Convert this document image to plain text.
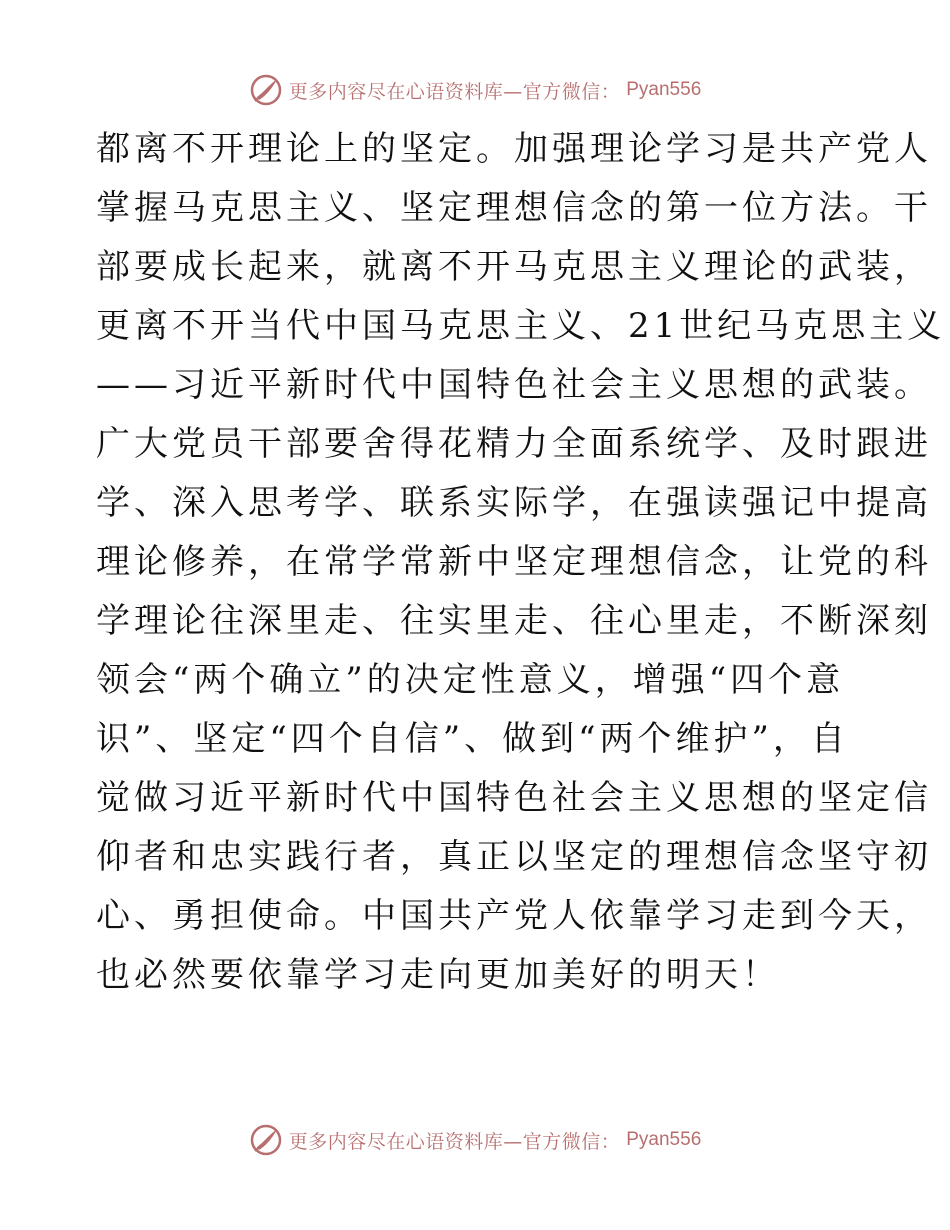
更多内容尽在心语资料库—官方微信： Pyan556
都离不开理论上的坚定。加强理论学习是共产党人
掌握马克思主义、坚定理想信念的第一位方法。干
部要成长起来，就离不开马克思主义理论的武装，
更离不开当代中国马克思主义、21世纪马克思主义
——习近平新时代中国特色社会主义思想的武装。
广大党员干部要舍得花精力全面系统学、及时跟进
学、深入思考学、联系实际学，在强读强记中提高
理论修养，在常学常新中坚定理想信念，让党的科
学理论往深里走、往实里走、往心里走，不断深刻
领会“两个确立”的决定性意义，增强“四个意
识”、坚定“四个自信”、做到“两个维护”，自
觉做习近平新时代中国特色社会主义思想的坚定信
仰者和忠实践行者，真正以坚定的理想信念坚守初
心、勇担使命。中国共产党人依靠学习走到今天，
也必然要依靠学习走向更加美好的明天！
更多内容尽在心语资料库—官方微信： Pyan556
